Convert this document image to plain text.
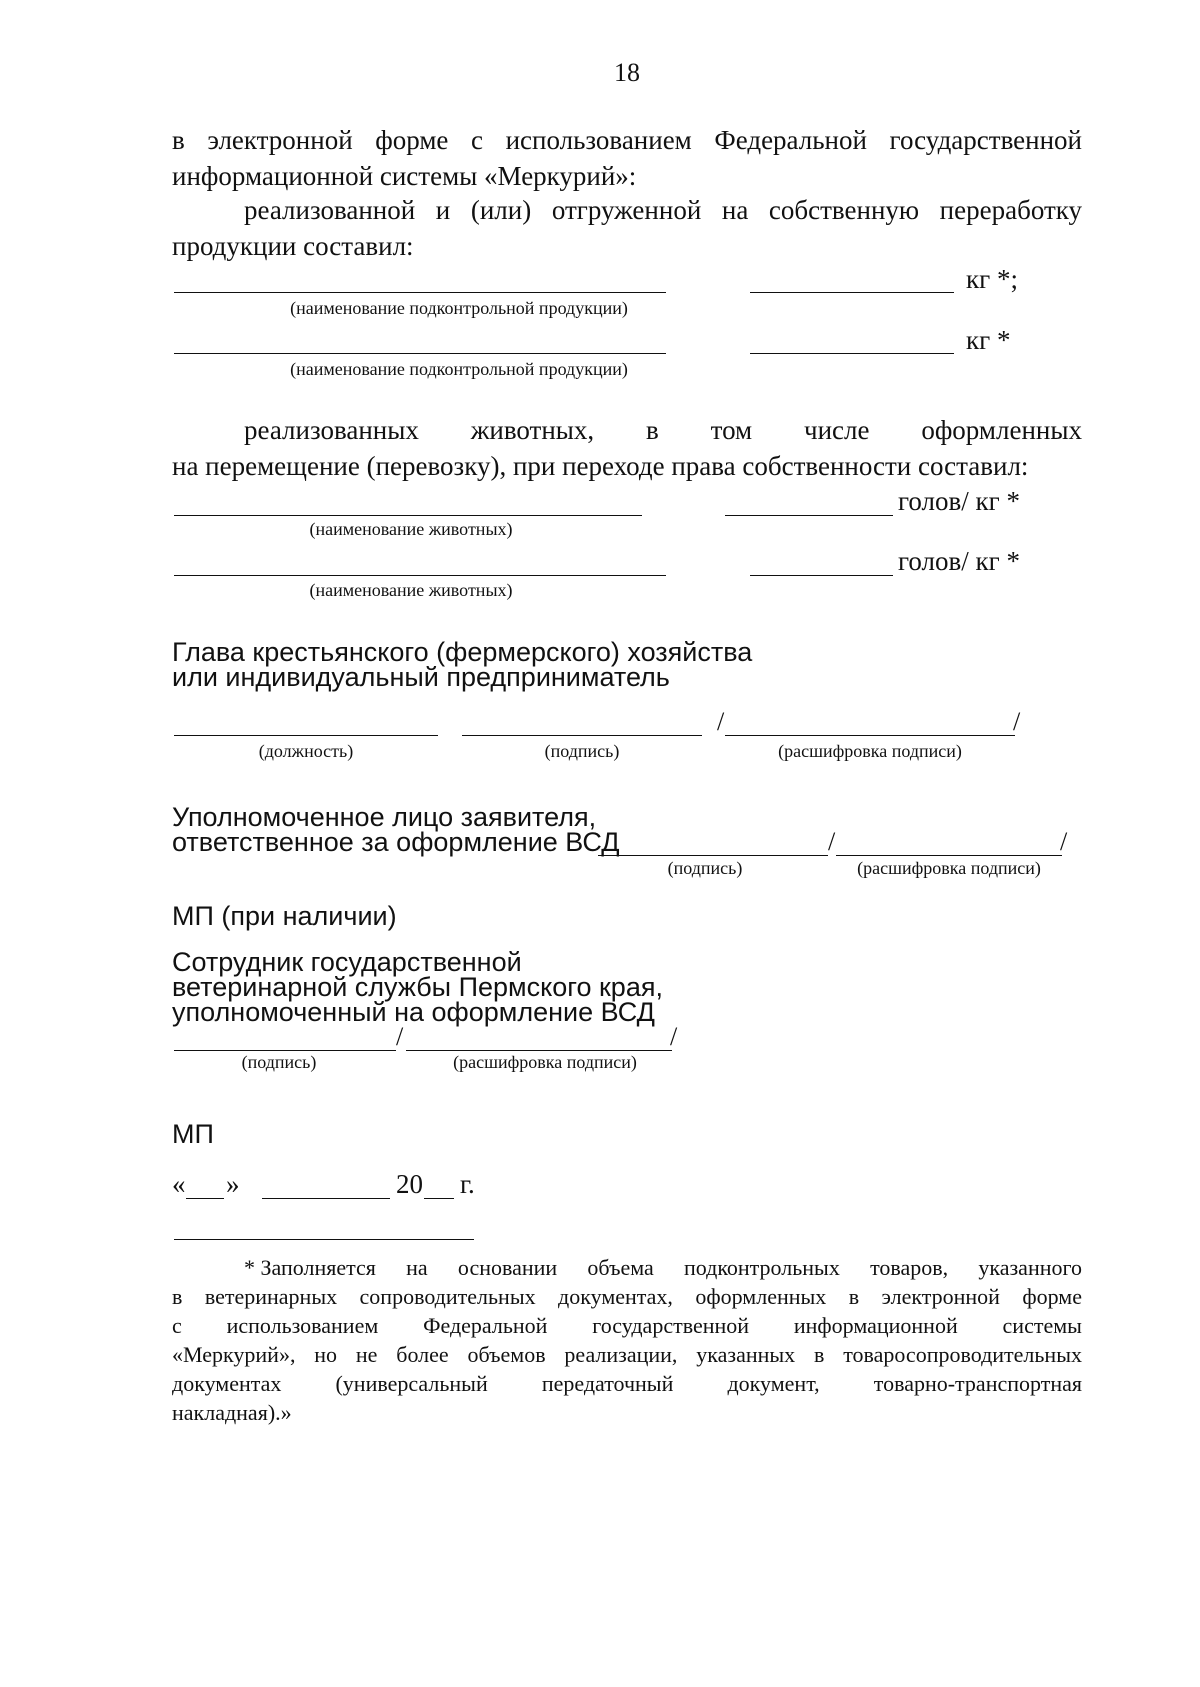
18
в электронной форме с использованием Федеральной государственной
информационной системы «Меркурий»:
реализованной и (или) отгруженной на собственную переработку
продукции составил:
кг *;
(наименование подконтрольной продукции)
кг *
(наименование подконтрольной продукции)
реализованных животных, в том числе оформленных
на перемещение (перевозку), при переходе права собственности составил:
голов/ кг *
(наименование животных)
голов/ кг *
(наименование животных)
Глава крестьянского (фермерского) хозяйства
или индивидуальный предприниматель
/	/
(должность)	(подпись)	(расшифровка подписи)
Уполномоченное лицо заявителя,
ответственное за оформление ВСД	/	/
(подпись)	(расшифровка подписи)
МП (при наличии)
Сотрудник государственной
ветеринарной службы Пермского края,
уполномоченный на оформление ВСД
/	/
(подпись)	(расшифровка подписи)
МП
« »	20 г.
* Заполняется на основании объема подконтрольных товаров, указанного
в ветеринарных сопроводительных документах, оформленных в электронной форме
с использованием Федеральной государственной информационной системы
«Меркурий», но не более объемов реализации, указанных в товаросопроводительных
документах (универсальный передаточный документ, товарно-транспортная
накладная).»
